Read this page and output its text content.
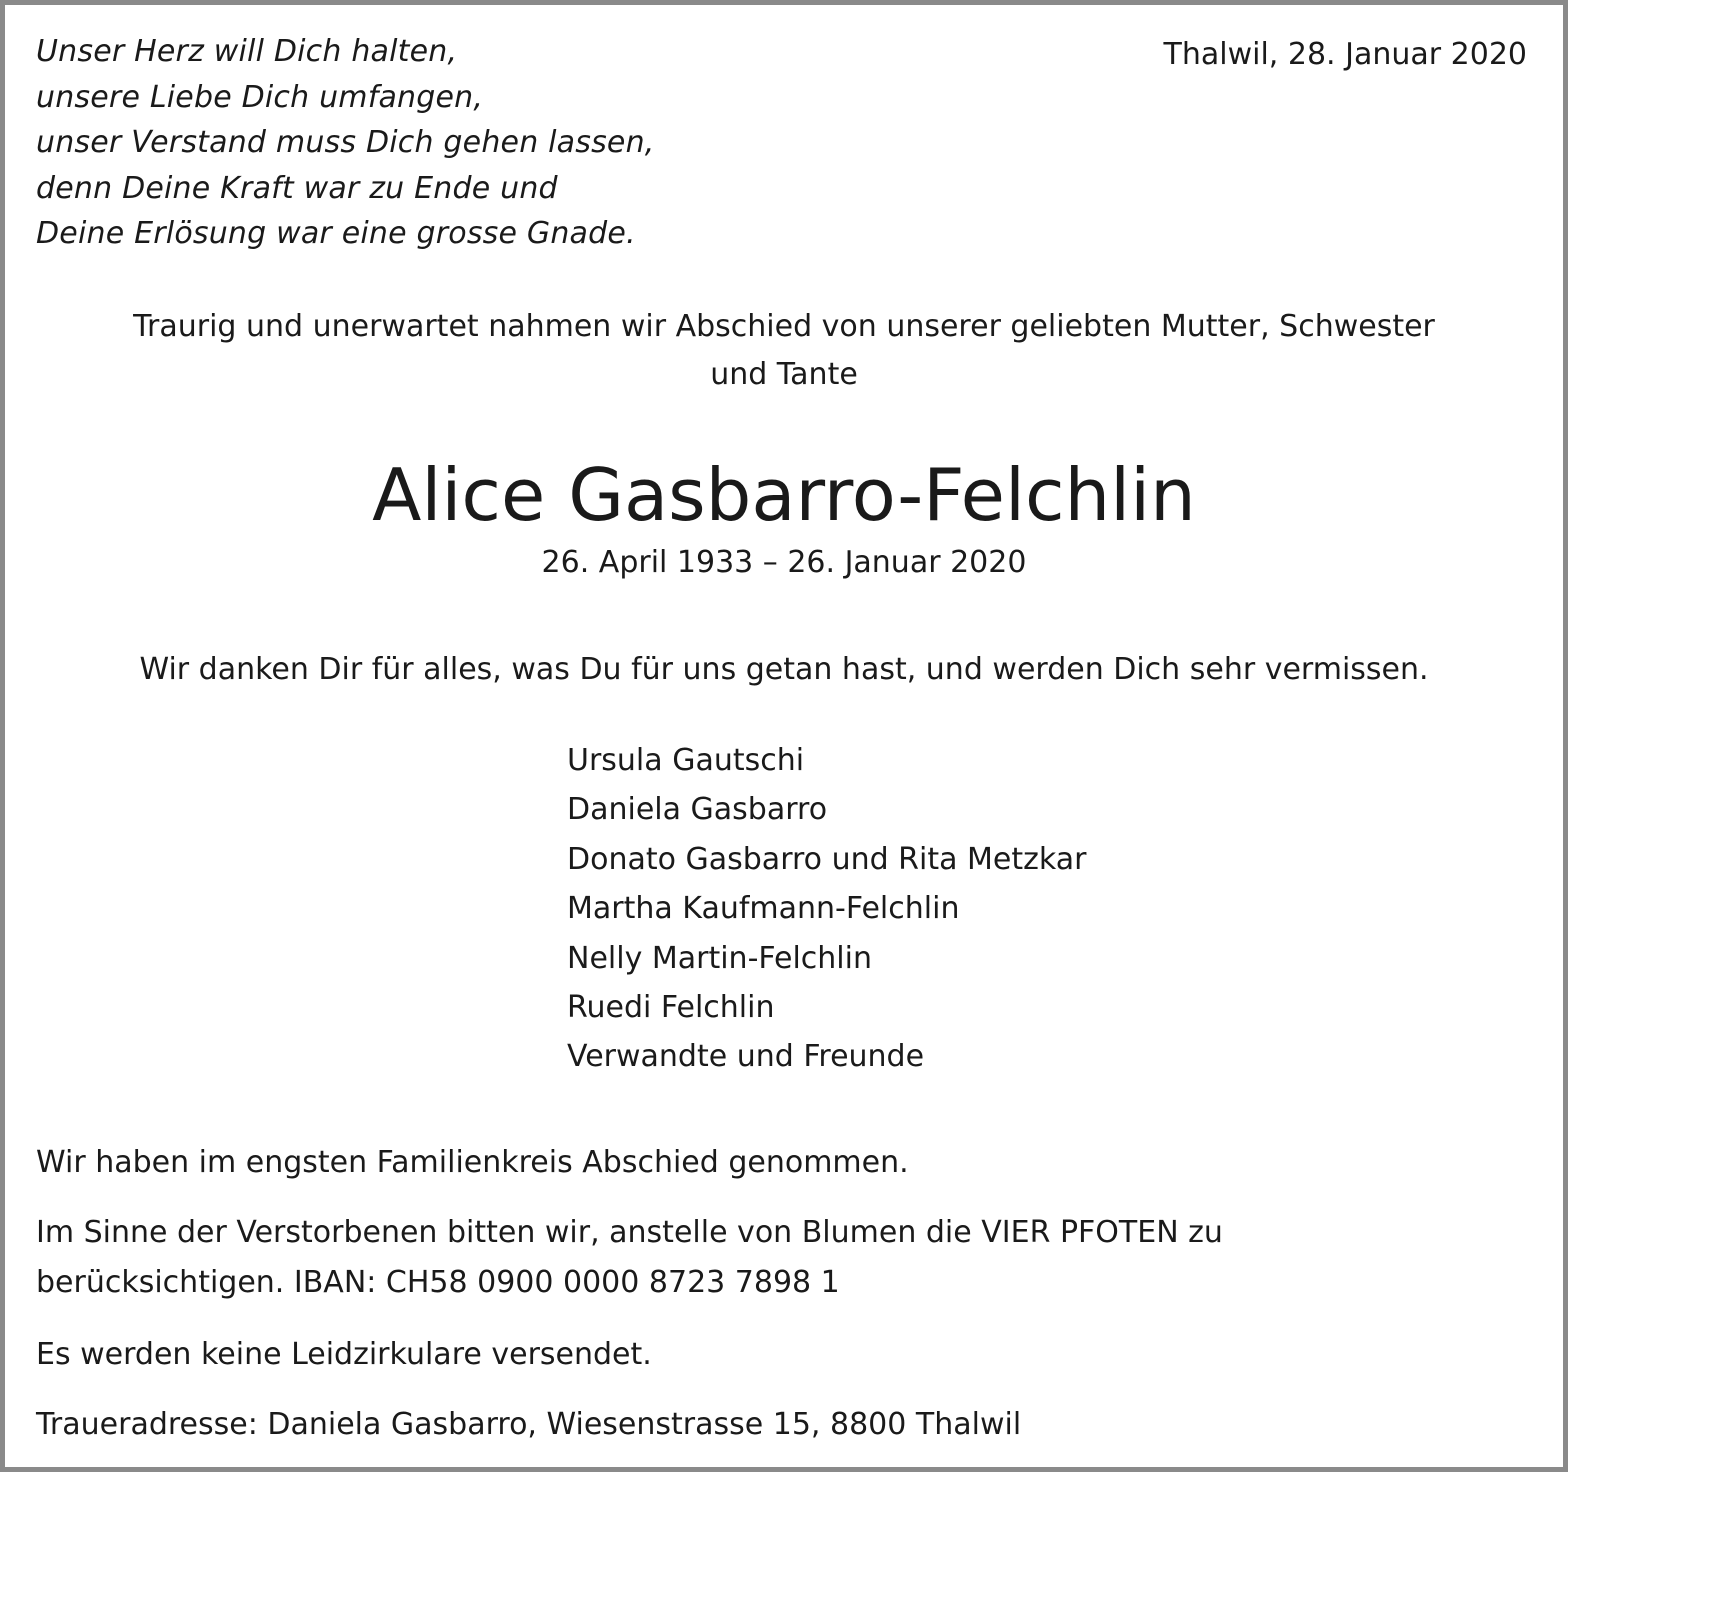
Unser Herz will Dich halten,
unsere Liebe Dich umfangen,
unser Verstand muss Dich gehen lassen,
denn Deine Kraft war zu Ende und
Deine Erlösung war eine grosse Gnade.
Thalwil, 28. Januar 2020
Traurig und unerwartet nahmen wir Abschied von unserer geliebten Mutter, Schwester
und Tante
Alice Gasbarro-Felchlin
26. April 1933 – 26. Januar 2020
Wir danken Dir für alles, was Du für uns getan hast, und werden Dich sehr vermissen.
Ursula Gautschi
Daniela Gasbarro
Donato Gasbarro und Rita Metzkar
Martha Kaufmann-Felchlin
Nelly Martin-Felchlin
Ruedi Felchlin
Verwandte und Freunde
Wir haben im engsten Familienkreis Abschied genommen.
Im Sinne der Verstorbenen bitten wir, anstelle von Blumen die VIER PFOTEN zu
berücksichtigen. IBAN: CH58 0900 0000 8723 7898 1
Es werden keine Leidzirkulare versendet.
Traueradresse: Daniela Gasbarro, Wiesenstrasse 15, 8800 Thalwil
